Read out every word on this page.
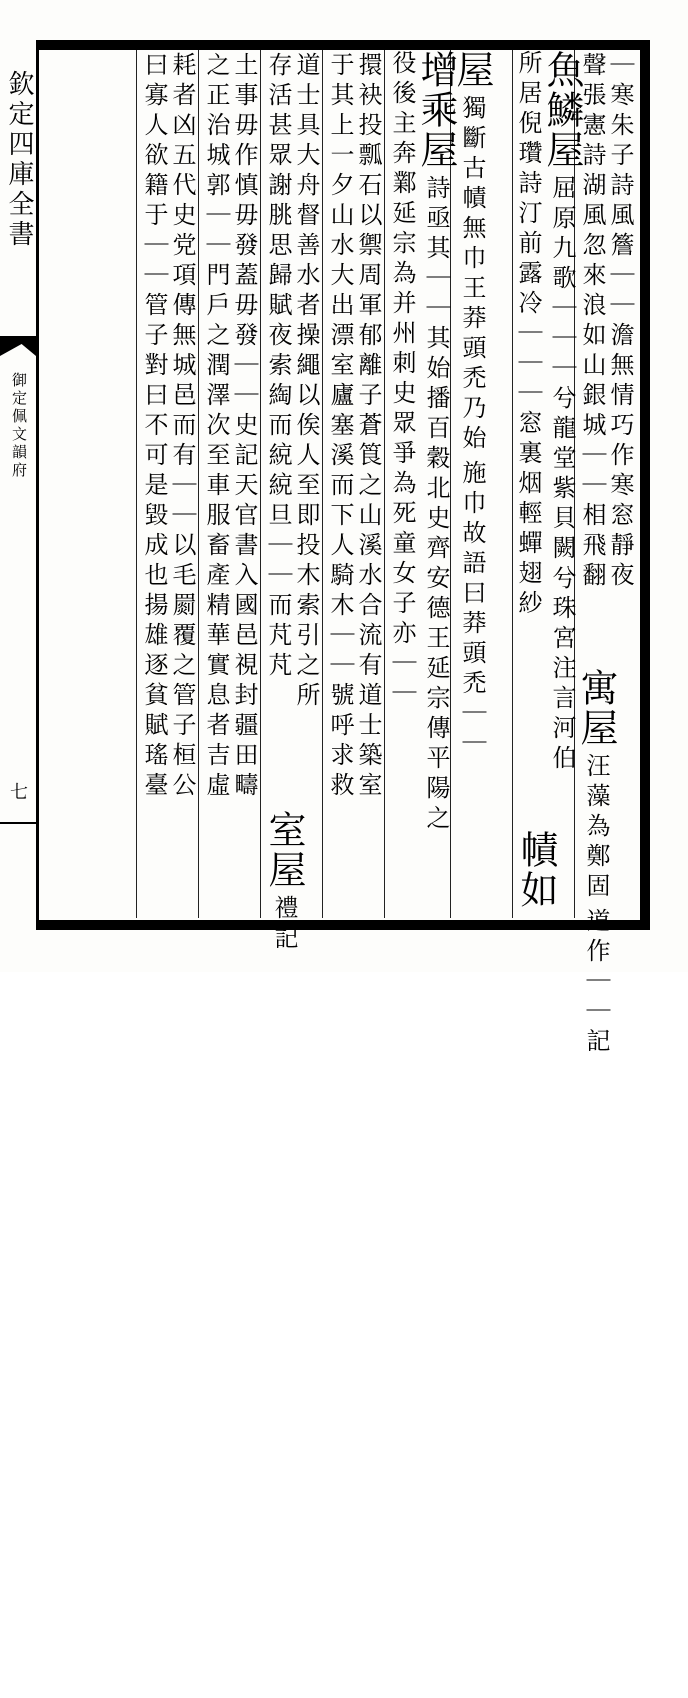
欽定四庫全書
御定佩文韻府
七
｜寒朱子詩風簷｜｜澹無情巧作寒窓靜夜 聲張憲詩湖風忽來浪如山銀城｜｜相飛翻
寓屋 汪藻為鄭固 道作｜｜記
魚鱗屋 屈原九歌｜｜｜兮龍堂紫貝闕兮珠宮注言河伯 所居倪瓚詩汀前露冷｜｜｜窓裏烟輕蟬翅紗
幘如
屋 獨斷古幘無巾王莽頭禿乃始 施巾故語曰莽頭禿｜｜
增乘屋 詩亟其｜｜其始播百穀北史齊安德王延宗傳平陽之 役後主奔鄴延宗為并州刺史眾爭為死童女子亦｜｜
擐袂投瓢石以禦周軍郁離子蒼筤之山溪水合流有道士築室 于其上一夕山水大出漂室廬塞溪而下人騎木｜｜號呼求救
道士具大舟督善水者操繩以俟人至即投木索引之所 存活甚眾謝朓思歸賦夜索綯而綂綂旦｜｜而芃芃
室屋 禮記
土事毋作慎毋發蓋毋發｜｜史記天官書入國邑視封疆田疇 之正治城郭｜｜門戶之潤澤次至車服畜產精華實息者吉虛
耗者凶五代史党項傳無城邑而有｜｜以毛罽覆之管子桓公 曰寡人欲籍于｜｜管子對曰不可是毀成也揚雄逐貧賦瑤臺
